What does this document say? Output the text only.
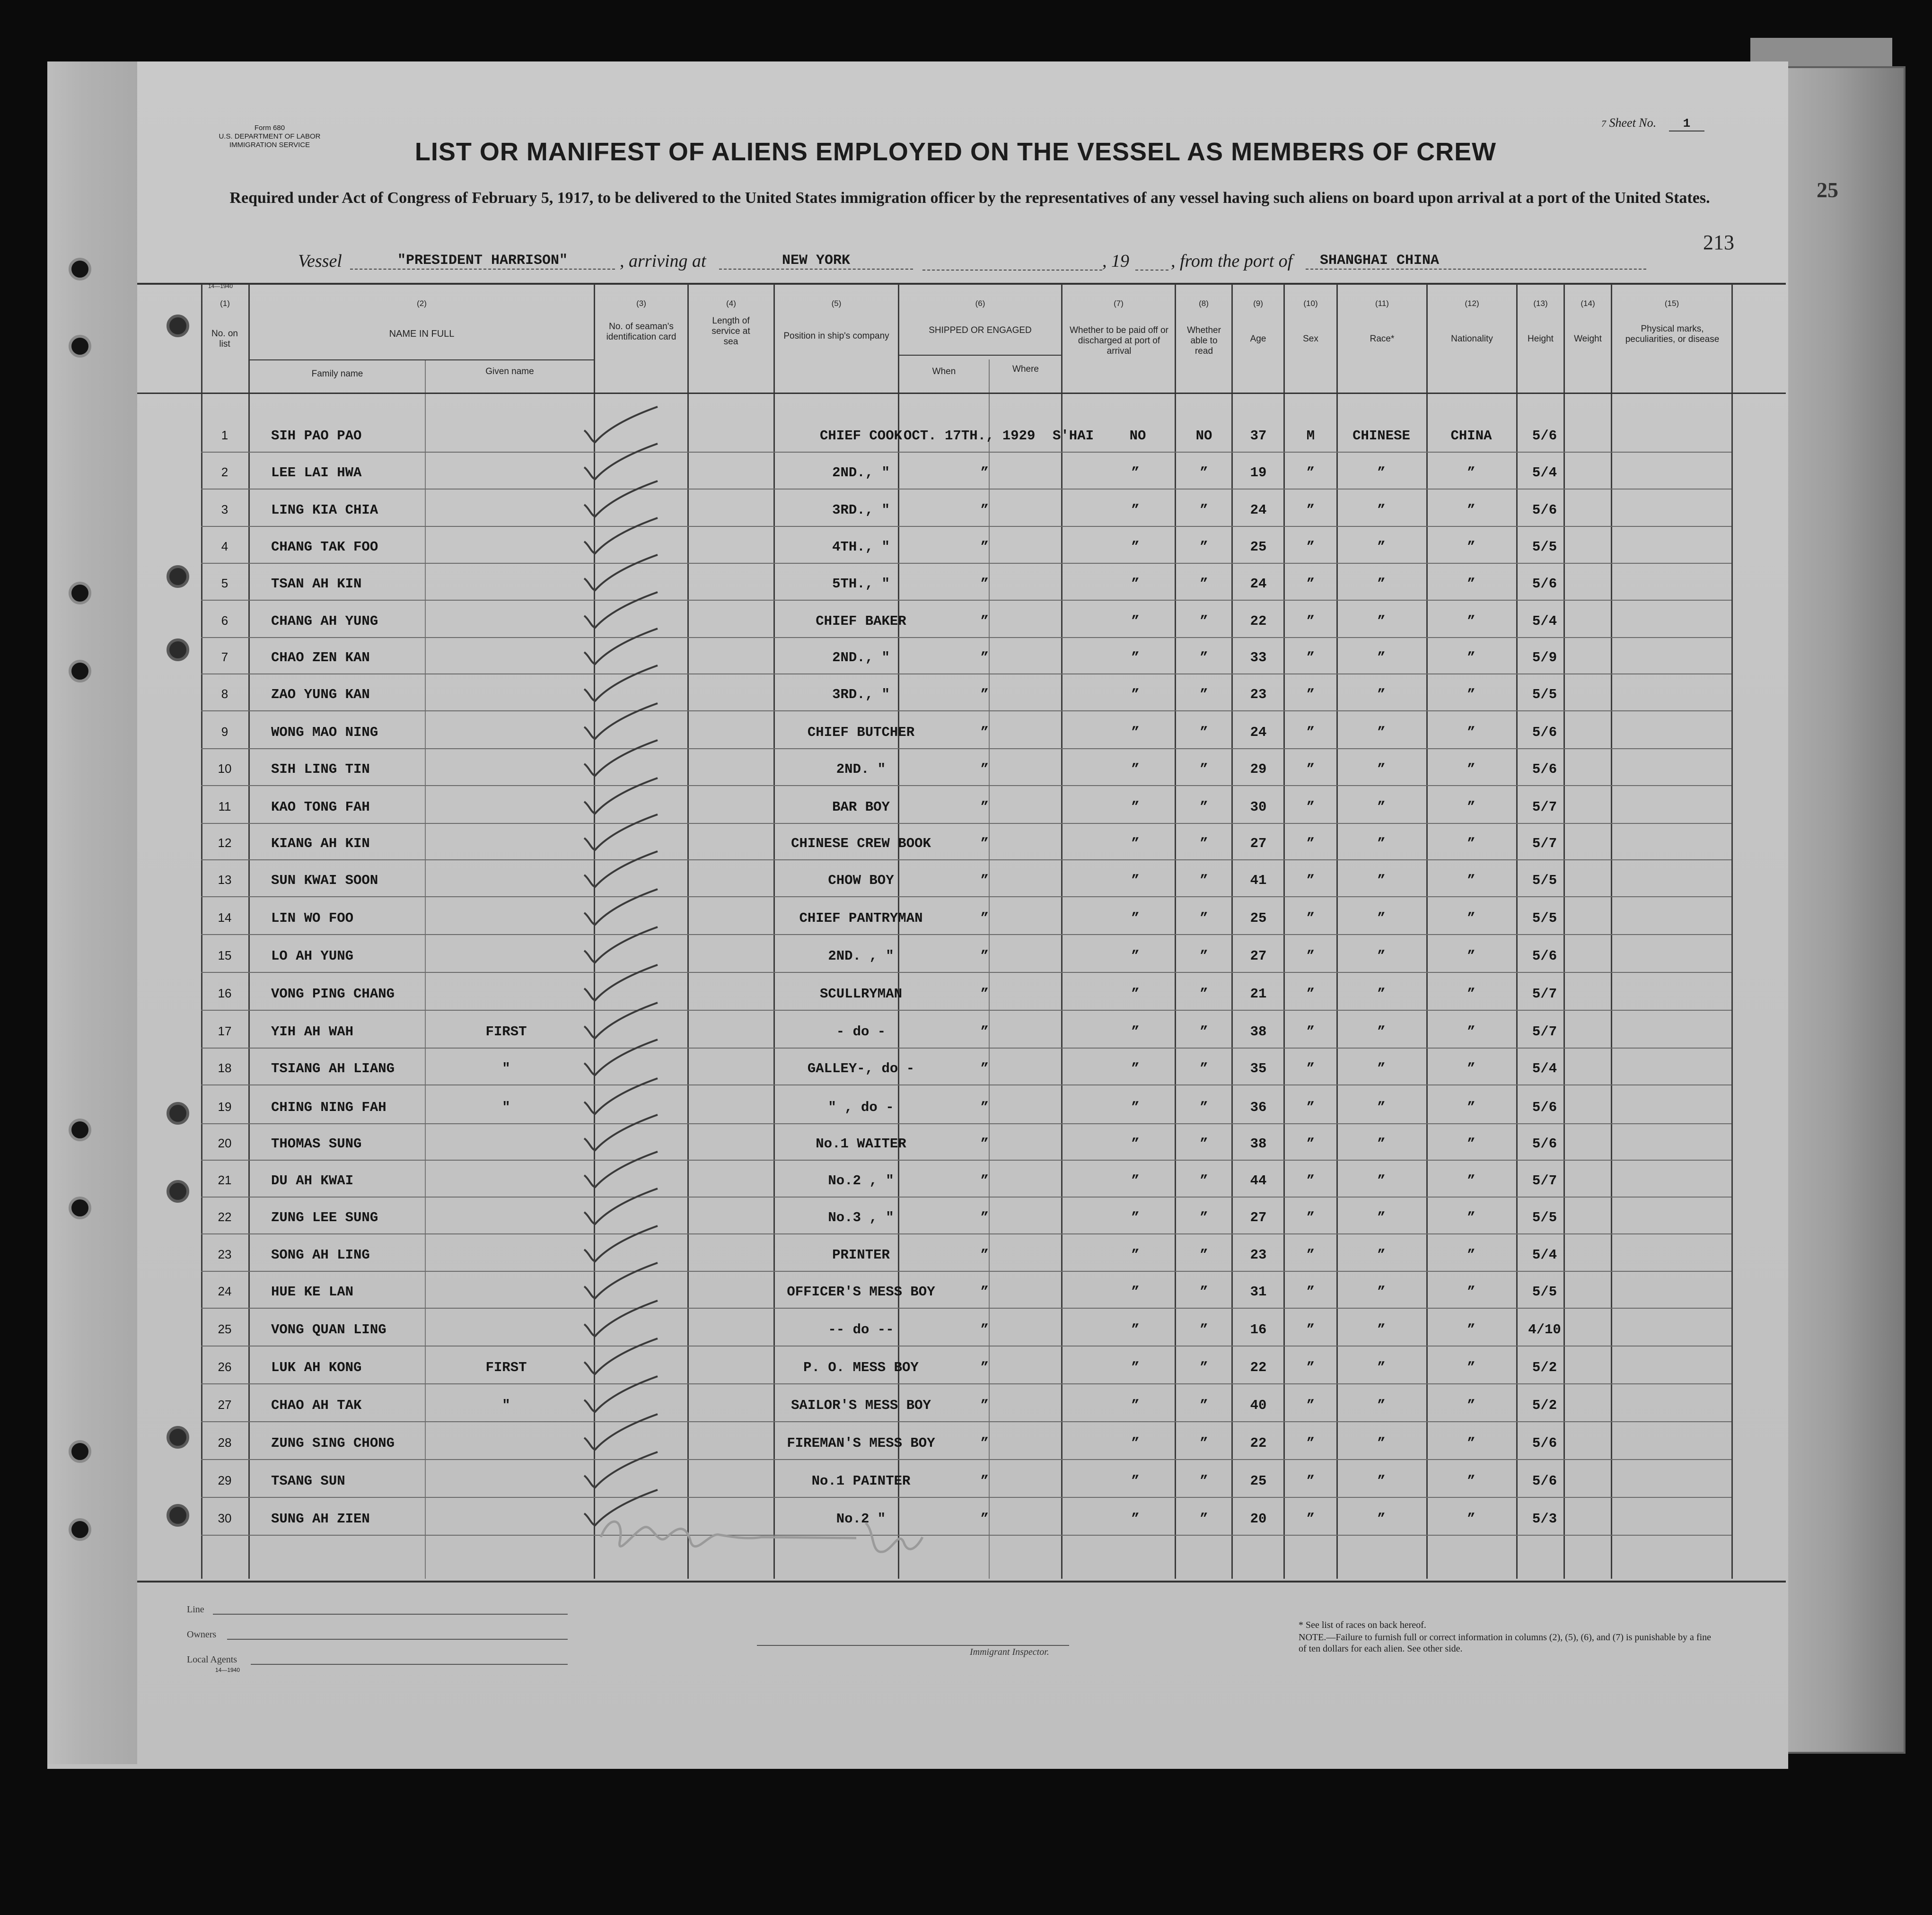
25
Form 680
U.S. DEPARTMENT OF LABOR
IMMIGRATION SERVICE
7 Sheet No. 1
LIST OR MANIFEST OF ALIENS EMPLOYED ON THE VESSEL AS MEMBERS OF CREW
Required under Act of Congress of February 5, 1917, to be delivered to the United States immigration officer by the representatives of any vessel having such aliens on board upon arrival at a port of the United States.
213
Vessel	"PRESIDENT HARRISON"	, arriving at	NEW YORK	, 19 , from the port of	SHANGHAI CHINA
14—1940
(1)	(2)	(3)	(4)	(5)	(6)	(7)	(8)	(9)	(10)	(11)	(12)	(13)	(14)	(15)
No. on list
NAME IN FULL
Family name	Given name
No. of seaman's identification card
Length of service at sea
Position in ship's company
SHIPPED OR ENGAGED
When	Where
Whether to be paid off or discharged at port of arrival
Whether able to read
Age	Sex	Race*	Nationality	Height	Weight
Physical marks, peculiarities, or disease
1	SIH PAO PAO	CHIEF COOK OCT. 17TH., 1929	S'HAI	NO	NO	37	M	CHINESE	CHINA	5/6
2	LEE LAI HWA	2ND., "	”	”	”	19	”	”	”	5/4
3	LING KIA CHIA	3RD., "	”	”	”	24	”	”	”	5/6
4	CHANG TAK FOO	4TH., "	”	”	”	25	”	”	”	5/5
5	TSAN AH KIN	5TH., "	”	”	”	24	”	”	”	5/6
6	CHANG AH YUNG	CHIEF BAKER	”	”	”	22	”	”	”	5/4
7	CHAO ZEN KAN	2ND., "	”	”	”	33	”	”	”	5/9
8	ZAO YUNG KAN	3RD., "	”	”	”	23	”	”	”	5/5
9	WONG MAO NING	CHIEF BUTCHER	”	”	”	24	”	”	”	5/6
10	SIH LING TIN	2ND. "	”	”	”	29	”	”	”	5/6
11	KAO TONG FAH	BAR BOY	”	”	”	30	”	”	”	5/7
12	KIANG AH KIN	CHINESE CREW BOOK	”	”	”	27	”	”	”	5/7
13	SUN KWAI SOON	CHOW BOY	”	”	”	41	”	”	”	5/5
14	LIN WO FOO	CHIEF PANTRYMAN	”	”	”	25	”	”	”	5/5
15	LO AH YUNG	2ND. , "	”	”	”	27	”	”	”	5/6
16	VONG PING CHANG	SCULLRYMAN	”	”	”	21	”	”	”	5/7
17	YIH AH WAH	FIRST	- do -	”	”	”	38	”	”	”	5/7
18	TSIANG AH LIANG	"	GALLEY-, do -	”	”	”	35	”	”	”	5/4
19	CHING NING FAH	"	" , do -	”	”	”	36	”	”	”	5/6
20	THOMAS SUNG	No.1 WAITER	”	”	”	38	”	”	”	5/6
21	DU AH KWAI	No.2 , "	”	”	”	44	”	”	”	5/7
22	ZUNG LEE SUNG	No.3 , "	”	”	”	27	”	”	”	5/5
23	SONG AH LING	PRINTER	”	”	”	23	”	”	”	5/4
24	HUE KE LAN	OFFICER'S MESS BOY	”	”	”	31	”	”	”	5/5
25	VONG QUAN LING	-- do --	”	”	”	16	”	”	”	4/10
26	LUK AH KONG	FIRST	P. O. MESS BOY	”	”	”	22	”	”	”	5/2
27	CHAO AH TAK	"	SAILOR'S MESS BOY	”	”	”	40	”	”	”	5/2
28	ZUNG SING CHONG	FIREMAN'S MESS BOY	”	”	”	22	”	”	”	5/6
29	TSANG SUN	No.1 PAINTER	”	”	”	25	”	”	”	5/6
30	SUNG AH ZIEN	No.2 "	”	”	”	20	”	”	”	5/3
Line
Owners
Local Agents
14—1940
Immigrant Inspector.
* See list of races on back hereof.
NOTE.—Failure to furnish full or correct information in columns (2), (5), (6), and (7) is punishable by a fine of ten dollars for each alien. See other side.
